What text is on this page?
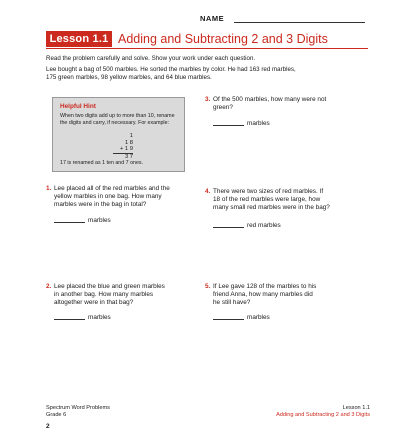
NAME
Lesson 1.1 Adding and Subtracting 2 and 3 Digits
Read the problem carefully and solve. Show your work under each question.
Lee bought a bag of 500 marbles. He sorted the marbles by color. He had 163 red marbles,
175 green marbles, 98 yellow marbles, and 64 blue marbles.
Helpful Hint
When two digits add up to more than 10, rename the digits and carry, if necessary. For example:
1
1 8
+ 1 9
3 7
17 is renamed as 1 ten and 7 ones.
1. Lee placed all of the red marbles and the
yellow marbles in one bag. How many
marbles were in the bag in total?
marbles
2. Lee placed the blue and green marbles
in another bag. How many marbles
altogether were in that bag?
marbles
3. Of the 500 marbles, how many were not
green?
marbles
4. There were two sizes of red marbles. If
18 of the red marbles were large, how
many small red marbles were in the bag?
red marbles
5. If Lee gave 128 of the marbles to his
friend Anna, how many marbles did
he still have?
marbles
Spectrum Word Problems
Grade 6
Lesson 1.1
Adding and Subtracting 2 and 3 Digits
2
